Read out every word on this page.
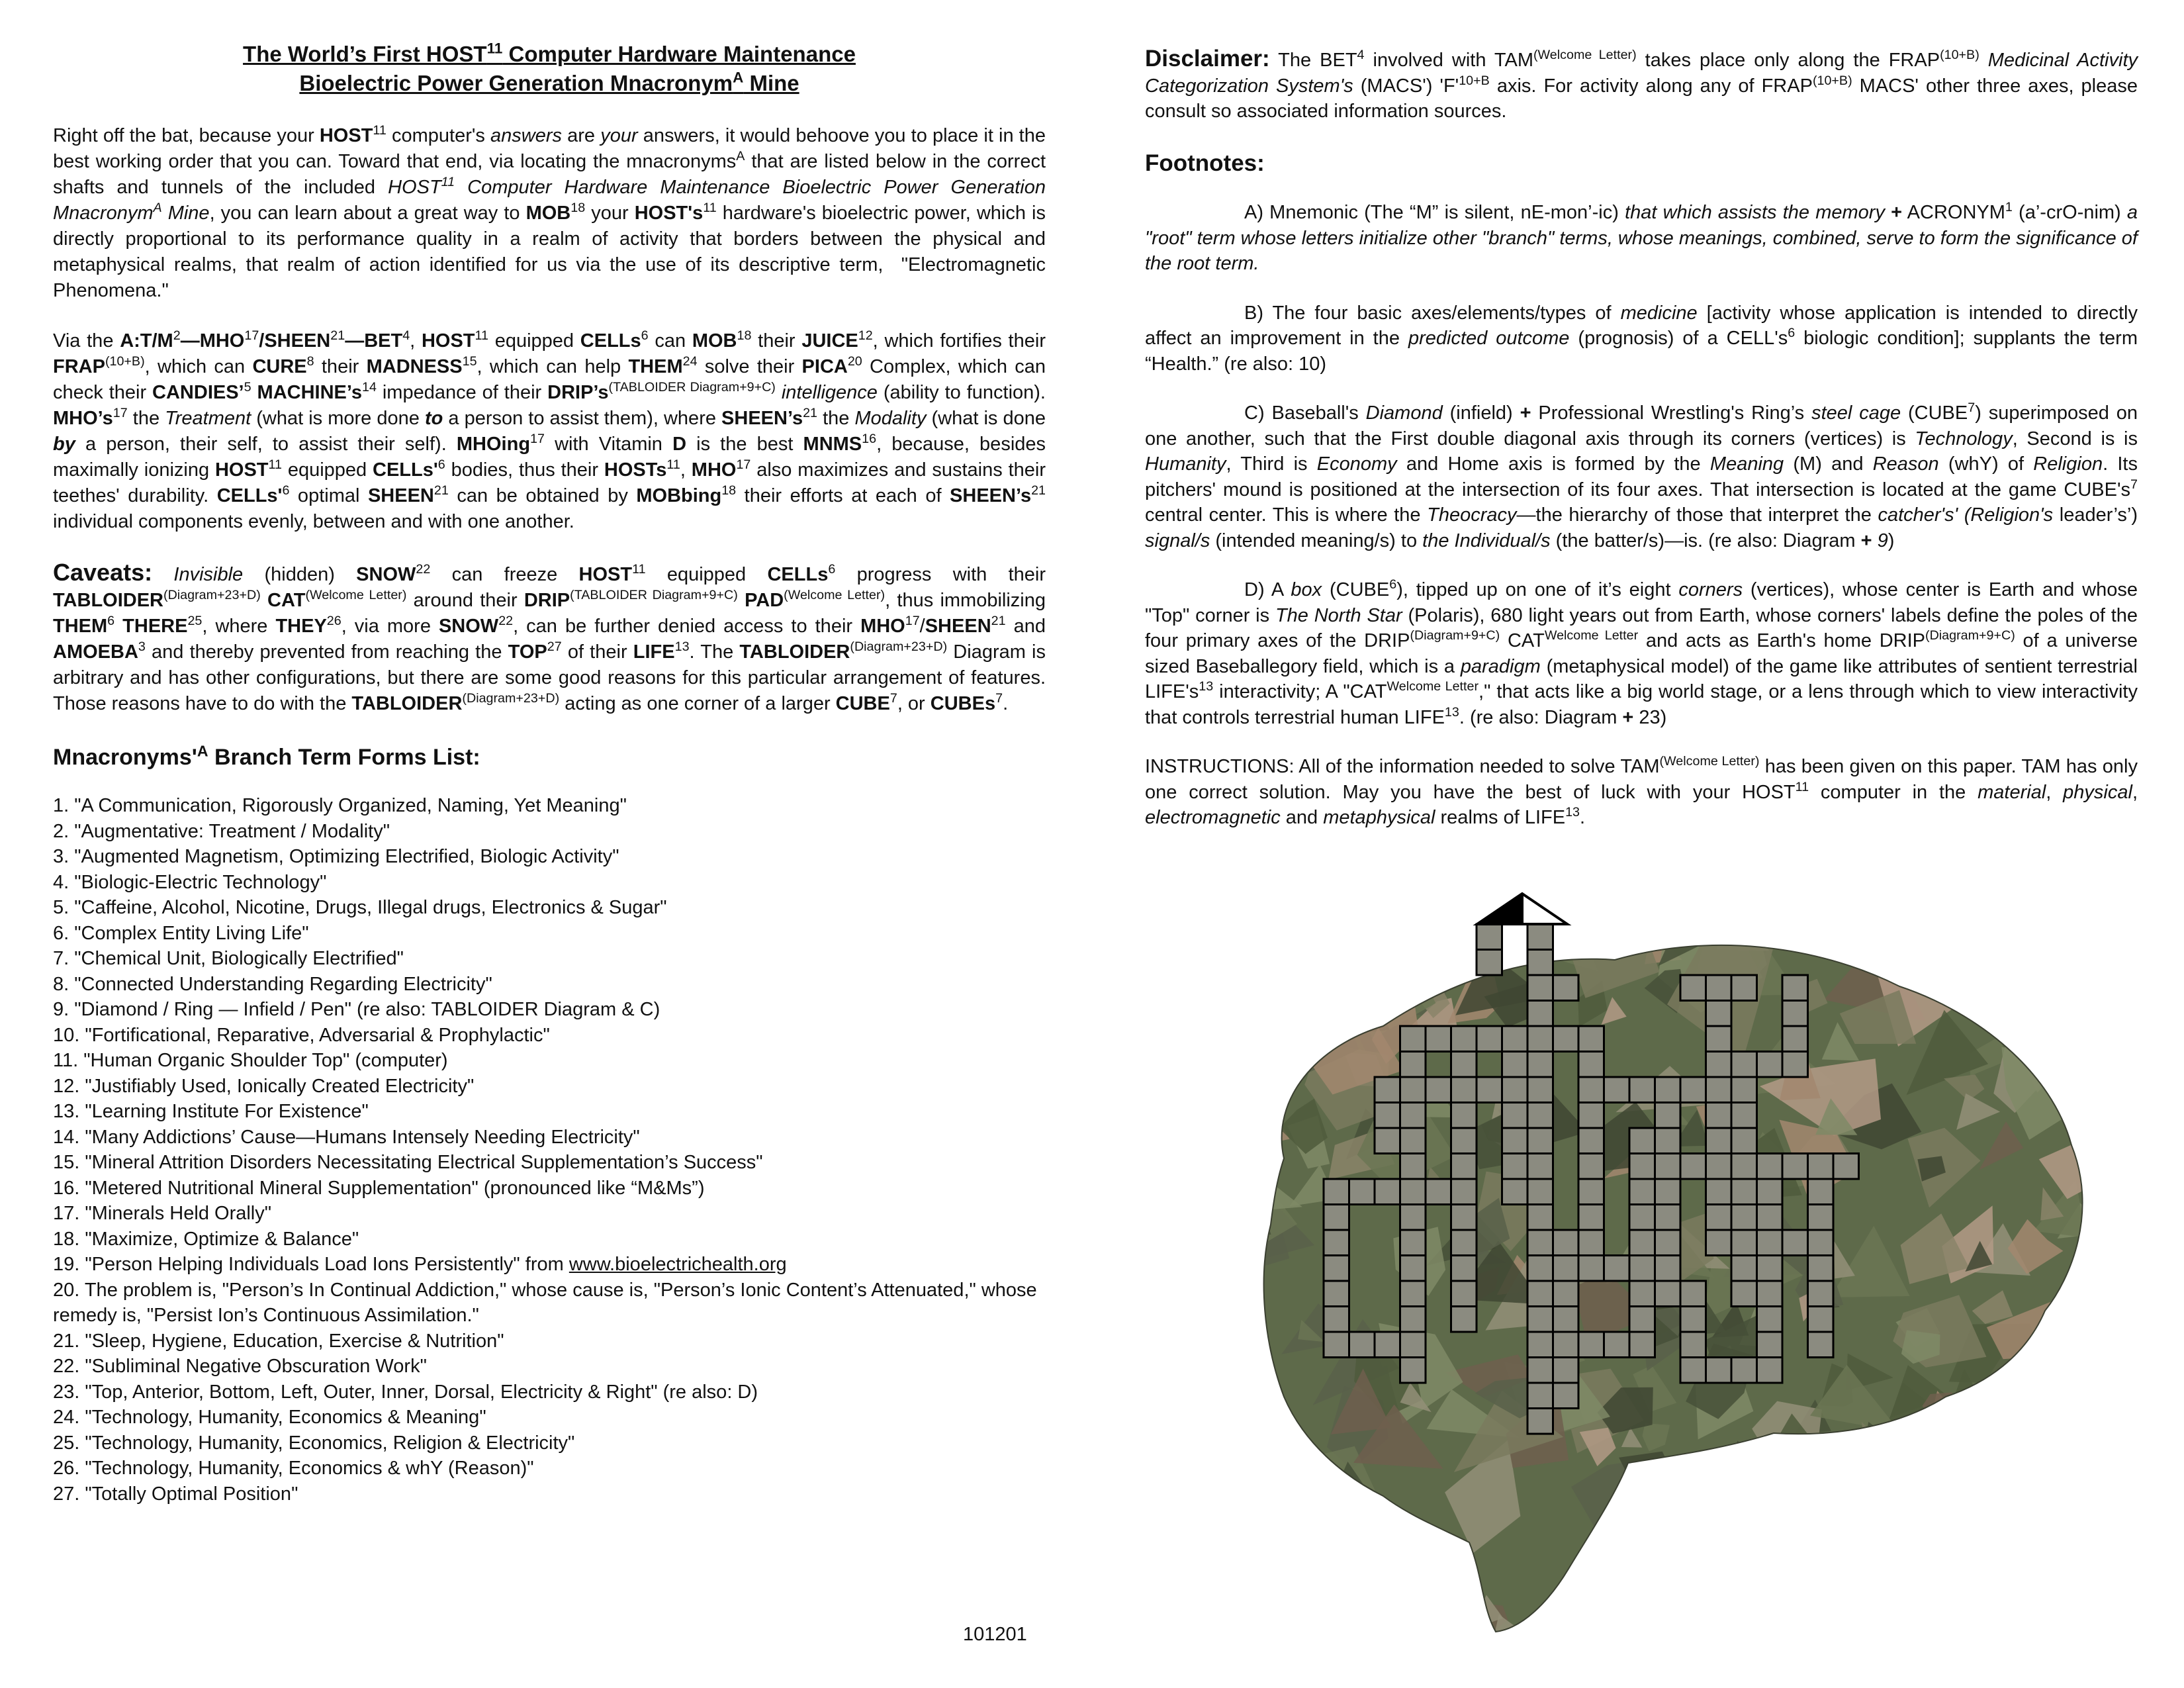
The World’s First HOST$^{11}$ Computer Hardware Maintenance
Bioelectric Power Generation Mnacronym$^A$ Mine
Right off the bat, because your HOST$^{11}$ computer's answers are your answers, it would behoove you to place it in the best working order that you can. Toward that end, via locating the mnacronyms$^A$ that are listed below in the correct shafts and tunnels of the included HOST$^{11}$ Computer Hardware Maintenance Bioelectric Power Generation Mnacronym$^A$ Mine, you can learn about a great way to MOB$^{18}$ your $HOST's^{11}$ hardware's bioelectric power, which is directly proportional to its performance quality in a realm of activity that borders between the physical and metaphysical realms, that realm of action identified for us via the use of its descriptive term,  "Electromagnetic Phenomena."
Via the $A:T/M^2—MHO^{17}/SHEEN^{21}—BET^4$, HOST$^{11}$ equipped CELLs$^6$ can MOB$^{18}$ their JUICE$^{12}$, which fortifies their $FRAP^{(10+B)}$, which can CURE$^8$ their MADNESS$^{15}$, which can help THEM$^{24}$ solve their PICA$^{20}$ Complex, which can check their CANDIES’$^5$ $MACHINE’s^{14}$ impedance of their $DRIP’s^{(TABLOIDER Diagram+9+C)}$ intelligence (ability to function). $MHO’s^{17}$ the Treatment (what is more done to a person to assist them), where $SHEEN’s^{21}$ the Modality (what is done by a person, their self, to assist their self). MHOing$^{17}$ with Vitamin D is the best MNMS$^{16}$, because, besides maximally ionizing HOST$^{11}$ equipped $CELLs'^6$ bodies, thus their HOSTs$^{11}$, MHO$^{17}$ also maximizes and sustains their teethes' durability. $CELLs'^6$ optimal SHEEN$^{21}$ can be obtained by MOBbing$^{18}$ their efforts at each of $SHEEN’s^{21}$ individual components evenly, between and with one another.
Caveats: Invisible (hidden) SNOW$^{22}$ can freeze HOST$^{11}$ equipped CELLs$^6$ progress with their $TABLOIDER^{(Diagram+23+D)}$ $CAT^{(Welcome Letter)}$ around their $DRIP^{(TABLOIDER Diagram+9+C)}$ $PAD^{(Welcome Letter)}$, thus immobilizing THEM$^6$ THERE$^{25}$, where THEY$^{26}$, via more SNOW$^{22}$, can be further denied access to their MHO$^{17}$/SHEEN$^{21}$ and AMOEBA$^3$ and thereby prevented from reaching the TOP$^{27}$ of their LIFE$^{13}$. The $TABLOIDER^{(Diagram+23+D)}$ Diagram is arbitrary and has other configurations, but there are some good reasons for this particular arrangement of features. Those reasons have to do with the $TABLOIDER^{(Diagram+23+D)}$ acting as one corner of a larger CUBE$^7$, or CUBEs$^7$.
$Mnacronyms'^A$ Branch Term Forms List:
1. "A Communication, Rigorously Organized, Naming, Yet Meaning"
2. "Augmentative: Treatment / Modality"
3. "Augmented Magnetism, Optimizing Electrified, Biologic Activity"
4. "Biologic-Electric Technology"
5. "Caffeine, Alcohol, Nicotine, Drugs, Illegal drugs, Electronics & Sugar"
6. "Complex Entity Living Life"
7. "Chemical Unit, Biologically Electrified"
8. "Connected Understanding Regarding Electricity"
9. "Diamond / Ring — Infield / Pen" (re also: TABLOIDER Diagram & C)
10. "Fortificational, Reparative, Adversarial & Prophylactic"
11. "Human Organic Shoulder Top" (computer)
12. "Justifiably Used, Ionically Created Electricity"
13. "Learning Institute For Existence"
14. "Many Addictions’ Cause—Humans Intensely Needing Electricity"
15. "Mineral Attrition Disorders Necessitating Electrical Supplementation’s Success"
16. "Metered Nutritional Mineral Supplementation" (pronounced like “M&Ms”)
17. "Minerals Held Orally"
18. "Maximize, Optimize & Balance"
19. "Person Helping Individuals Load Ions Persistently" from www.bioelectrichealth.org
20. The problem is, "Person’s In Continual Addiction," whose cause is, "Person’s Ionic Content’s Attenuated," whose remedy is, "Persist Ion’s Continuous Assimilation."
21. "Sleep, Hygiene, Education, Exercise & Nutrition"
22. "Subliminal Negative Obscuration Work"
23. "Top, Anterior, Bottom, Left, Outer, Inner, Dorsal, Electricity & Right" (re also: D)
24. "Technology, Humanity, Economics & Meaning"
25. "Technology, Humanity, Economics, Religion & Electricity"
26. "Technology, Humanity, Economics & whY (Reason)"
27. "Totally Optimal Position"
101201
Disclaimer: The BET$^4$ involved with $TAM^{(Welcome Letter)}$ takes place only along the $FRAP^{(10+B)}$ Medicinal Activity Categorization System's (MACS') '$F'^{10+B}$ axis. For activity along any of $FRAP^{(10+B)}$ MACS' other three axes, please consult so associated information sources.
Footnotes:
A) Mnemonic (The “M” is silent, nE-mon’-ic) that which assists the memory + $ACRONYM^1$ (a’-crO-nim) a "root" term whose letters initialize other "branch" terms, whose meanings, combined, serve to form the significance of the root term.
B) The four basic axes/elements/types of medicine [activity whose application is intended to directly affect an improvement in the predicted outcome (prognosis) of a $CELL's^6$ biologic condition]; supplants the term “Health.” (re also: 10)
C) Baseball's Diamond (infield) + Professional Wrestling's Ring’s steel cage (CUBE$^7$) superimposed on one another, such that the First double diagonal axis through its corners (vertices) is Technology, Second is is Humanity, Third is Economy and Home axis is formed by the Meaning (M) and Reason (whY) of Religion. Its pitchers' mound is positioned at the intersection of its four axes. That intersection is located at the game $CUBE's^7$ central center. This is where the Theocracy—the hierarchy of those that interpret the catcher's' (Religion's leader’s’) signal/s (intended meaning/s) to the Individual/s (the batter/s)—is. (re also: Diagram + 9)
D) A box (CUBE$^6$), tipped up on one of it’s eight corners (vertices), whose center is Earth and whose "Top" corner is The North Star (Polaris), 680 light years out from Earth, whose corners' labels define the poles of the four primary axes of the $DRIP^{(Diagram+9+C)}$ $CAT^{Welcome Letter}$ and acts as Earth's home $DRIP^{(Diagram+9+C)}$ of a universe sized Baseballegory field, which is a paradigm (metaphysical model) of the game like attributes of sentient terrestrial $LIFE's^{13}$ interactivity; A "$CAT^{Welcome Letter}$," that acts like a big world stage, or a lens through which to view interactivity that controls terrestrial human LIFE$^{13}$. (re also: Diagram + 23)
INSTRUCTIONS: All of the information needed to solve $TAM^{(Welcome Letter)}$ has been given on this paper. TAM has only one correct solution. May you have the best of luck with your HOST$^{11}$ computer in the material, physical, electromagnetic and metaphysical realms of LIFE$^{13}$.
